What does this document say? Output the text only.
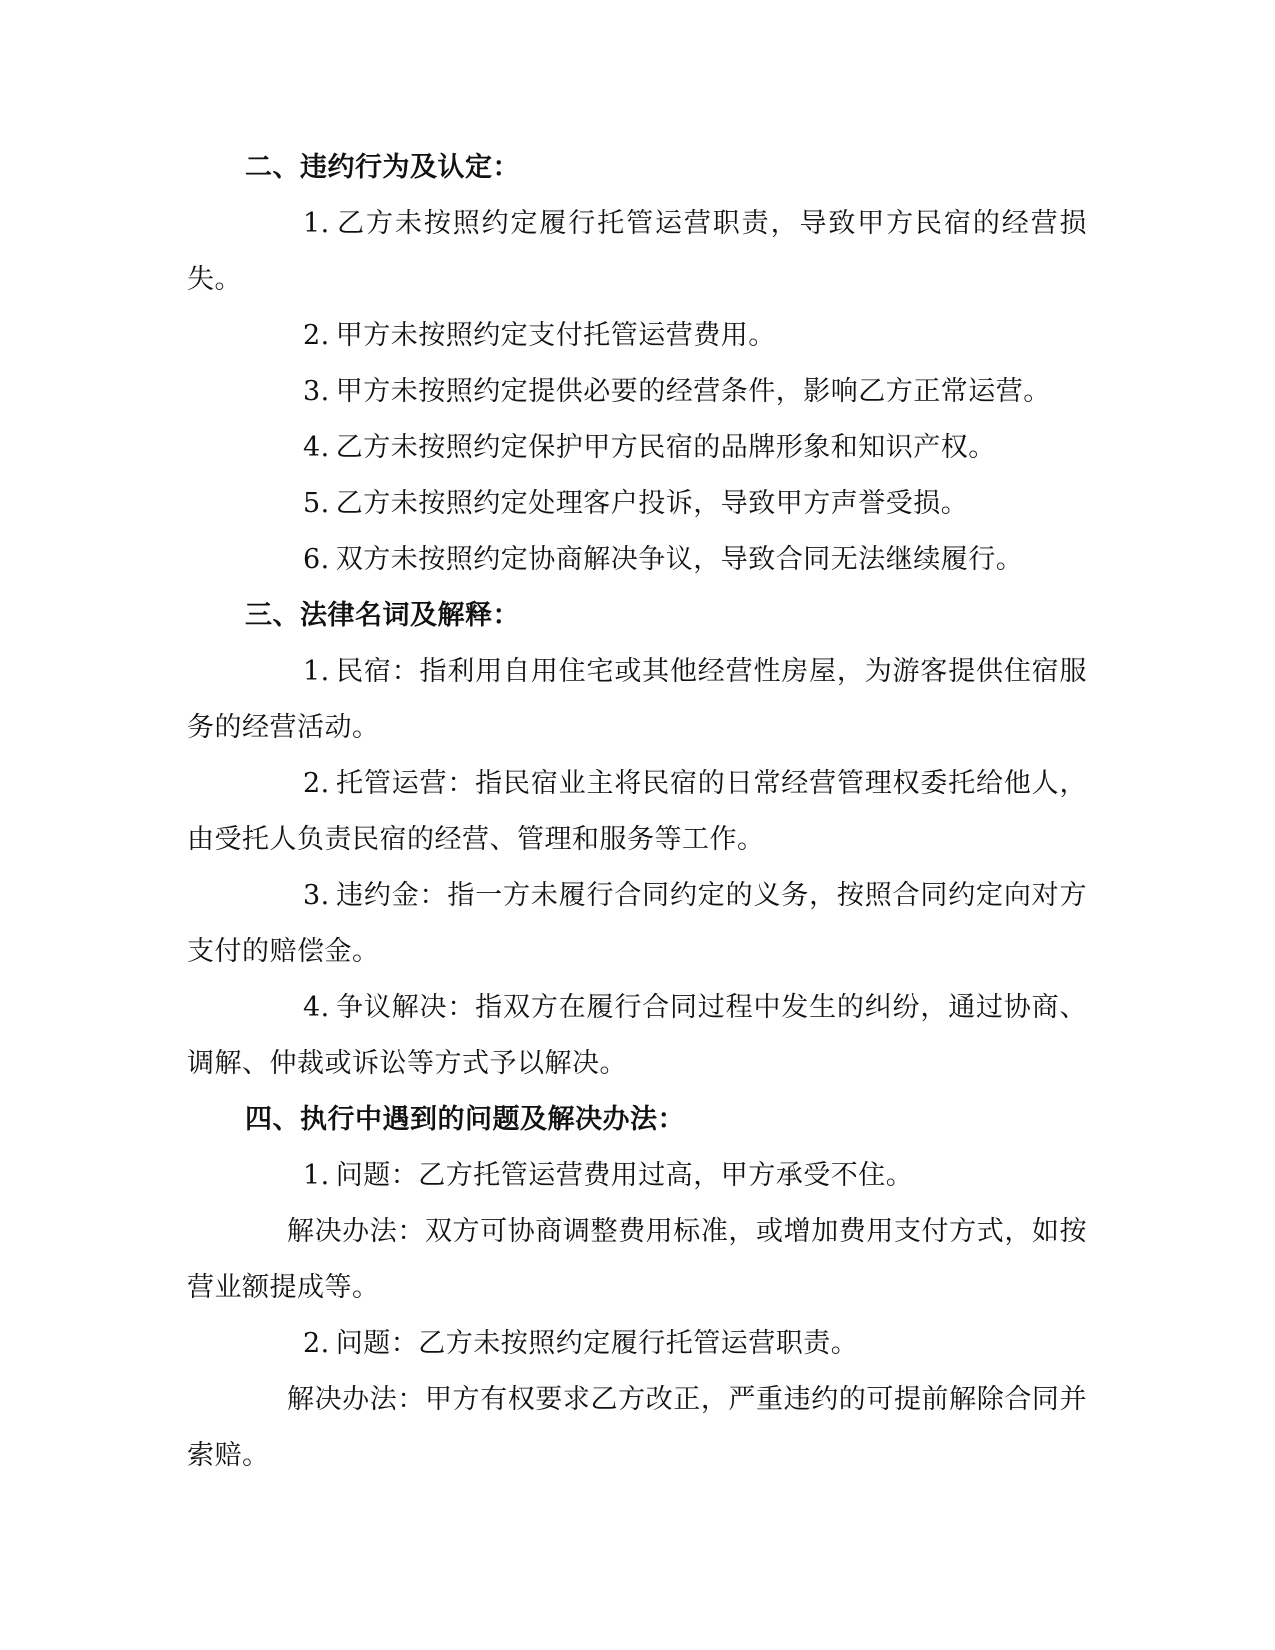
二、违约行为及认定：

1. 乙方未按照约定履行托管运营职责，导致甲方民宿的经营损失。

2. 甲方未按照约定支付托管运营费用。

3. 甲方未按照约定提供必要的经营条件，影响乙方正常运营。

4. 乙方未按照约定保护甲方民宿的品牌形象和知识产权。

5. 乙方未按照约定处理客户投诉，导致甲方声誉受损。

6. 双方未按照约定协商解决争议，导致合同无法继续履行。

三、法律名词及解释：

1. 民宿：指利用自用住宅或其他经营性房屋，为游客提供住宿服务的经营活动。

2. 托管运营：指民宿业主将民宿的日常经营管理权委托给他人，由受托人负责民宿的经营、管理和服务等工作。

3. 违约金：指一方未履行合同约定的义务，按照合同约定向对方支付的赔偿金。

4. 争议解决：指双方在履行合同过程中发生的纠纷，通过协商、调解、仲裁或诉讼等方式予以解决。

四、执行中遇到的问题及解决办法：

1. 问题：乙方托管运营费用过高，甲方承受不住。

解决办法：双方可协商调整费用标准，或增加费用支付方式，如按营业额提成等。

2. 问题：乙方未按照约定履行托管运营职责。

解决办法：甲方有权要求乙方改正，严重违约的可提前解除合同并索赔。
